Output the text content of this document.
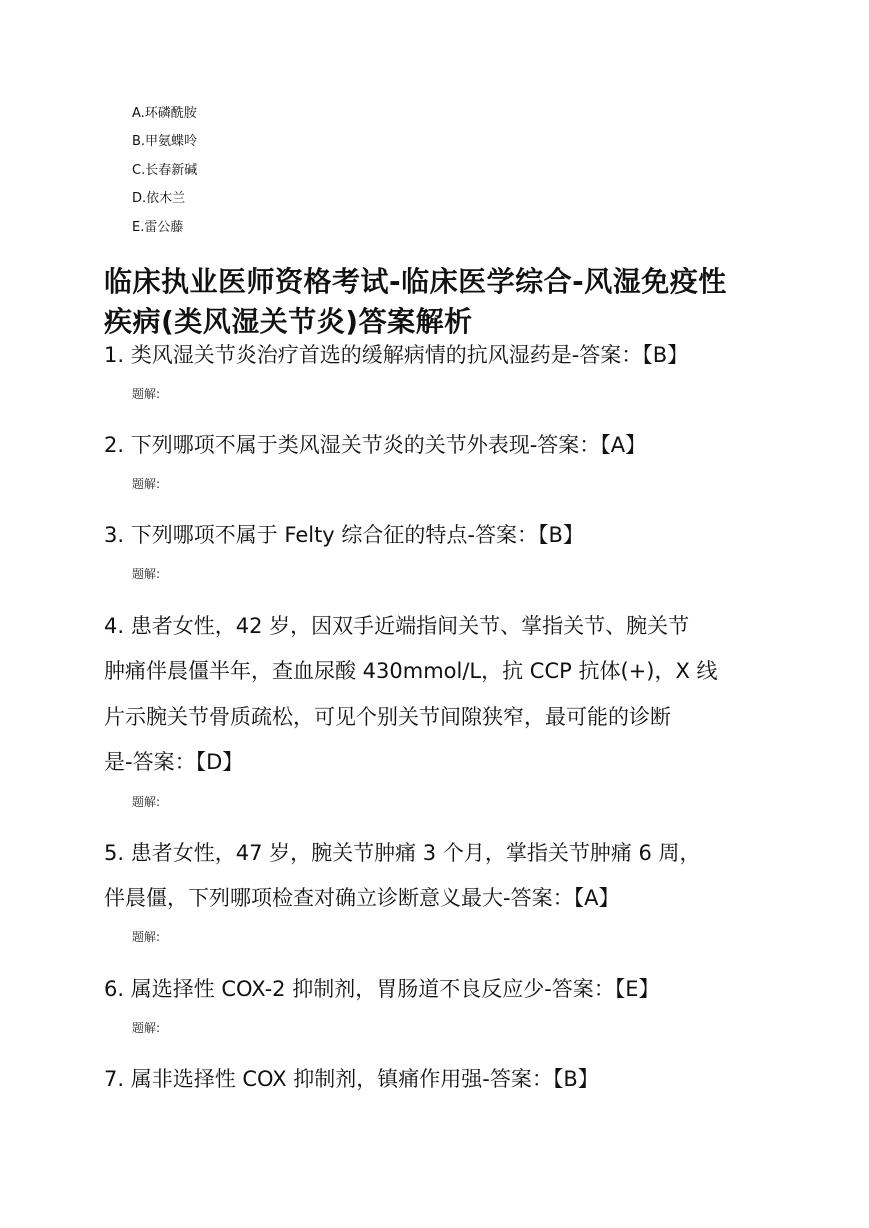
A.环磷酰胺
B.甲氨蝶呤
C.长春新碱
D.依木兰
E.雷公藤
临床执业医师资格考试-临床医学综合-风湿免疫性
疾病(类风湿关节炎)答案解析
1. 类风湿关节炎治疗首选的缓解病情的抗风湿药是-答案：【B】
题解:
2. 下列哪项不属于类风湿关节炎的关节外表现-答案：【A】
题解:
3. 下列哪项不属于 Felty 综合征的特点-答案：【B】
题解:
4. 患者女性，42 岁，因双手近端指间关节、掌指关节、腕关节
肿痛伴晨僵半年，查血尿酸 430mmol/L，抗 CCP 抗体(+)，X 线
片示腕关节骨质疏松，可见个别关节间隙狭窄，最可能的诊断
是-答案：【D】
题解:
5. 患者女性，47 岁，腕关节肿痛 3 个月，掌指关节肿痛 6 周，
伴晨僵，下列哪项检查对确立诊断意义最大-答案：【A】
题解:
6. 属选择性 COX-2 抑制剂，胃肠道不良反应少-答案：【E】
题解:
7. 属非选择性 COX 抑制剂，镇痛作用强-答案：【B】
